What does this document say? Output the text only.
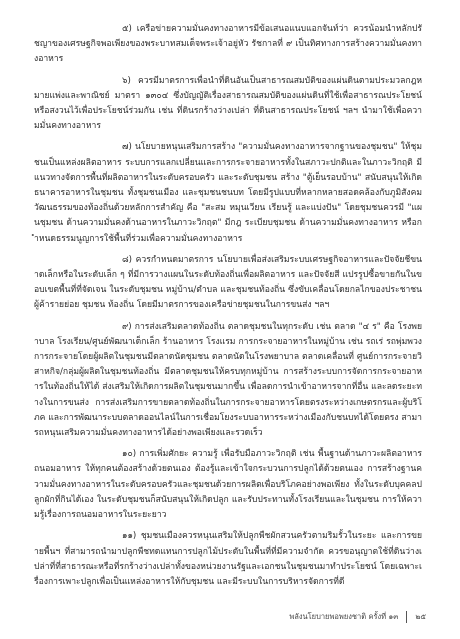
๕) เครือข่ายความมั่นคงทางอาหารมีข้อเสนอแนบแอกจันท์ว่า ควรน้อมนำหลักปรัชญาของเศรษฐกิจพอเพียงของพระบาทสมเด็จพระเจ้าอยู่หัว รัชกาลที่ ๙ เป็นทิศทางการสร้างความมั่นคงทางอาหาร

๖) ควรมีมาตรการเพื่อนำที่ดินอันเป็นสาธารณสมบัติของแผ่นดินตามประมวลกฎหมายแพ่งและพาณิชย์ มาตรา ๑๓๐๔ ซึ่งบัญญัติเรื่องสาธารณสมบัติของแผ่นดินที่ใช้เพื่อสาธารณประโยชน์ หรือสงวนไว้เพื่อประโยชน์ร่วมกัน เช่น ที่ดินรกร้างว่างเปล่า ที่ดินสาธารณประโยชน์ ฯลฯ นำมาใช้เพื่อความมั่นคงทางอาหาร

๗) นโยบายหนุนเสริมการสร้าง "ความมั่นคงทางอาหารจากฐานของชุมชน" ให้ชุมชนเป็นแหล่งผลิตอาหาร ระบบการแลกเปลี่ยนและการกระจายอาหารทั้งในสภาวะปกติและในภาวะวิกฤติ มีแนวทางจัดการพื้นที่ผลิตอาหารในระดับครอบครัว และระดับชุมชน สร้าง "ตู้เย็นรอบบ้าน" สนับสนุนให้เกิดธนาคารอาหารในชุมชน ทั้งชุมชนเมือง และชุมชนชนบท โดยมีรูปแบบที่หลากหลายสอดคล้องกับภูมิสังคมวัฒนธรรมของท้องถิ่นด้วยหลักการสำคัญ คือ "สะสม หมุนเวียน เรียนรู้ และแบ่งปัน" โดยชุมชนควรมี "แผนชุมชน ด้านความมั่นคงด้านอาหารในภาวะวิกฤต" มีกฎ ระเบียบชุมชน ด้านความมั่นคงทางอาหาร หรือกำหนดธรรมนูญการใช้พื้นที่ร่วมเพื่อความมั่นคงทางอาหาร

๘) ควรกำหนดมาตรการ นโยบายเพื่อส่งเสริมระบบเศรษฐกิจอาหารและปัจจัยชีขนาดเล็กหรือในระดับเล็ก ๆ ที่มีการวางแผนในระดับท้องถิ่นเพื่อผลิตอาหาร และปัจจัยสี แปรรูปซื้อขายกันในขอบเขตพื้นที่ที่จัดเจน ในระดับชุมชน หมู่บ้าน/ตำบล และชุมชนท้องถิ่น ซึ่งขับเคลื่อนโดยกลไกของประชาชน ผู้ค้ารายย่อย ชุมชน ท้องถิ่น โดยมีมาตรการของเครือข่ายชุมชนในการขนส่ง ฯลฯ

๙) การส่งเสริมตลาดท้องถิ่น ตลาดชุมชนในทุกระดับ เช่น ตลาด "๔ ร" คือ โรงพยาบาล โรงเรียน/ศูนย์พัฒนาเด็กเล็ก ร้านอาหาร โรงแรม การกระจายอาหารในหมู่บ้าน เช่น รถเร่ รถพุ่มพวง การกระจายโดยผู้ผลิตในชุมชนมีตลาดนัดชุมชน ตลาดนัดในโรงพยาบาล ตลาดเคลื่อนที่ ศูนย์การกระจายวิสาหกิจ/กลุ่มผู้ผลิตในชุมชนท้องถิ่น มีตลาดชุมชนให้ครบทุกหมู่บ้าน การสร้างระบบการจัดการกระจายอาหารในท้องถิ่นให้ได้ ส่งเสริมให้เกิดการผลิตในชุมชนมากขึ้น เพื่อลดการนำเข้าอาหารจากที่อื่น และลดระยะทางในการขนส่ง การส่งเสริมการขายตลาดท้องถิ่นในการกระจายอาหารโดยตรงระหว่างเกษตรกรและผู้บริโภค และการพัฒนาระบบตลาดออนไลน์ในการเชื่อมโยงระบบอาหารระหว่างเมืองกับชนบทได้โดยตรง สามารถหนุนเสริมความมั่นคงทางอาหารได้อย่างพอเพียงและรวดเร็ว

๑๐) การเพิ่มศักยะ ความรู้ เพื่อรับมือภาวะวิกฤติ เช่น พื้นฐานด้านภาวะผลิตอาหาร ถนอมอาหาร ให้ทุกคนต้องสร้างด้วยตนเอง ต้องรู้และเข้าใจกระบวนการปลูกได้ด้วยตนเอง การสร้างฐานความมั่นคงทางอาหารในระดับครอบครัวและชุมชนด้วยการผลิตเพื่อบริโภคอย่างพอเพียง ทั้งในระดับบุคคลปลูกผักที่กินได้เอง ในระดับชุมชนก็สนับสนุนให้เกิดปลูก และรับประทานทั้งโรงเรียนและในชุมชน การให้ความรู้เรื่องการถนอมอาหารในระยะยาว

๑๑) ชุมชนเมืองควรหนุนเสริมให้ปลูกพืชผักสวนครัวตามริมรั้วในระยะ และการขยายพื้นฯ ที่สามารถนำมาปลูกพืชทดแทนการปลูกไม้ประดับในพื้นที่ที่มีความจำกัด ควรขอนุญาตใช้ที่ดินว่างเปล่าที่ที่สาธารณะหรือที่รกร้างว่างเปล่าทั้งของหน่วยงานรัฐและเอกชนในชุมชนมาทำประโยชน์ โดยเฉพาะเรื่องการเพาะปลูกเพื่อเป็นแหล่งอาหารให้กับชุมชน และมีระบบในการบริหารจัดการที่ดี

พลังนโยบายพอพยงชาติ ครั้งที่ ๑๓ ๒๕
